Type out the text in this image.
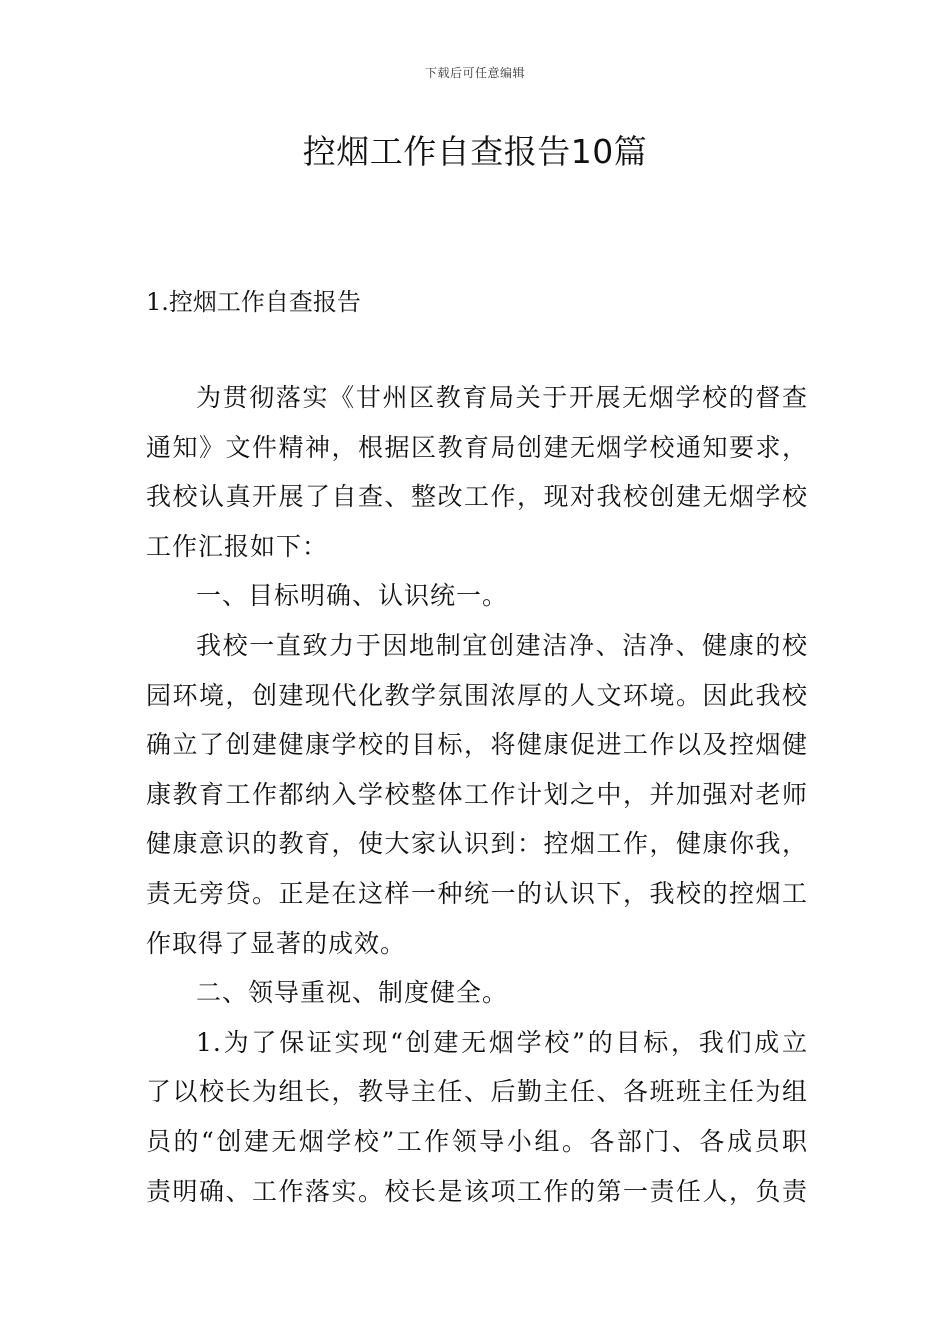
下载后可任意编辑
控烟工作自查报告10篇
1.控烟工作自查报告
为贯彻落实《甘州区教育局关于开展无烟学校的督查
通知》文件精神，根据区教育局创建无烟学校通知要求，
我校认真开展了自查、整改工作，现对我校创建无烟学校
工作汇报如下：
一、目标明确、认识统一。
我校一直致力于因地制宜创建洁净、洁净、健康的校
园环境，创建现代化教学氛围浓厚的人文环境。因此我校
确立了创建健康学校的目标，将健康促进工作以及控烟健
康教育工作都纳入学校整体工作计划之中，并加强对老师
健康意识的教育，使大家认识到：控烟工作，健康你我，
责无旁贷。正是在这样一种统一的认识下，我校的控烟工
作取得了显著的成效。
二、领导重视、制度健全。
1.为了保证实现“创建无烟学校”的目标，我们成立
了以校长为组长，教导主任、后勤主任、各班班主任为组
员的“创建无烟学校”工作领导小组。各部门、各成员职
责明确、工作落实。校长是该项工作的第一责任人，负责
